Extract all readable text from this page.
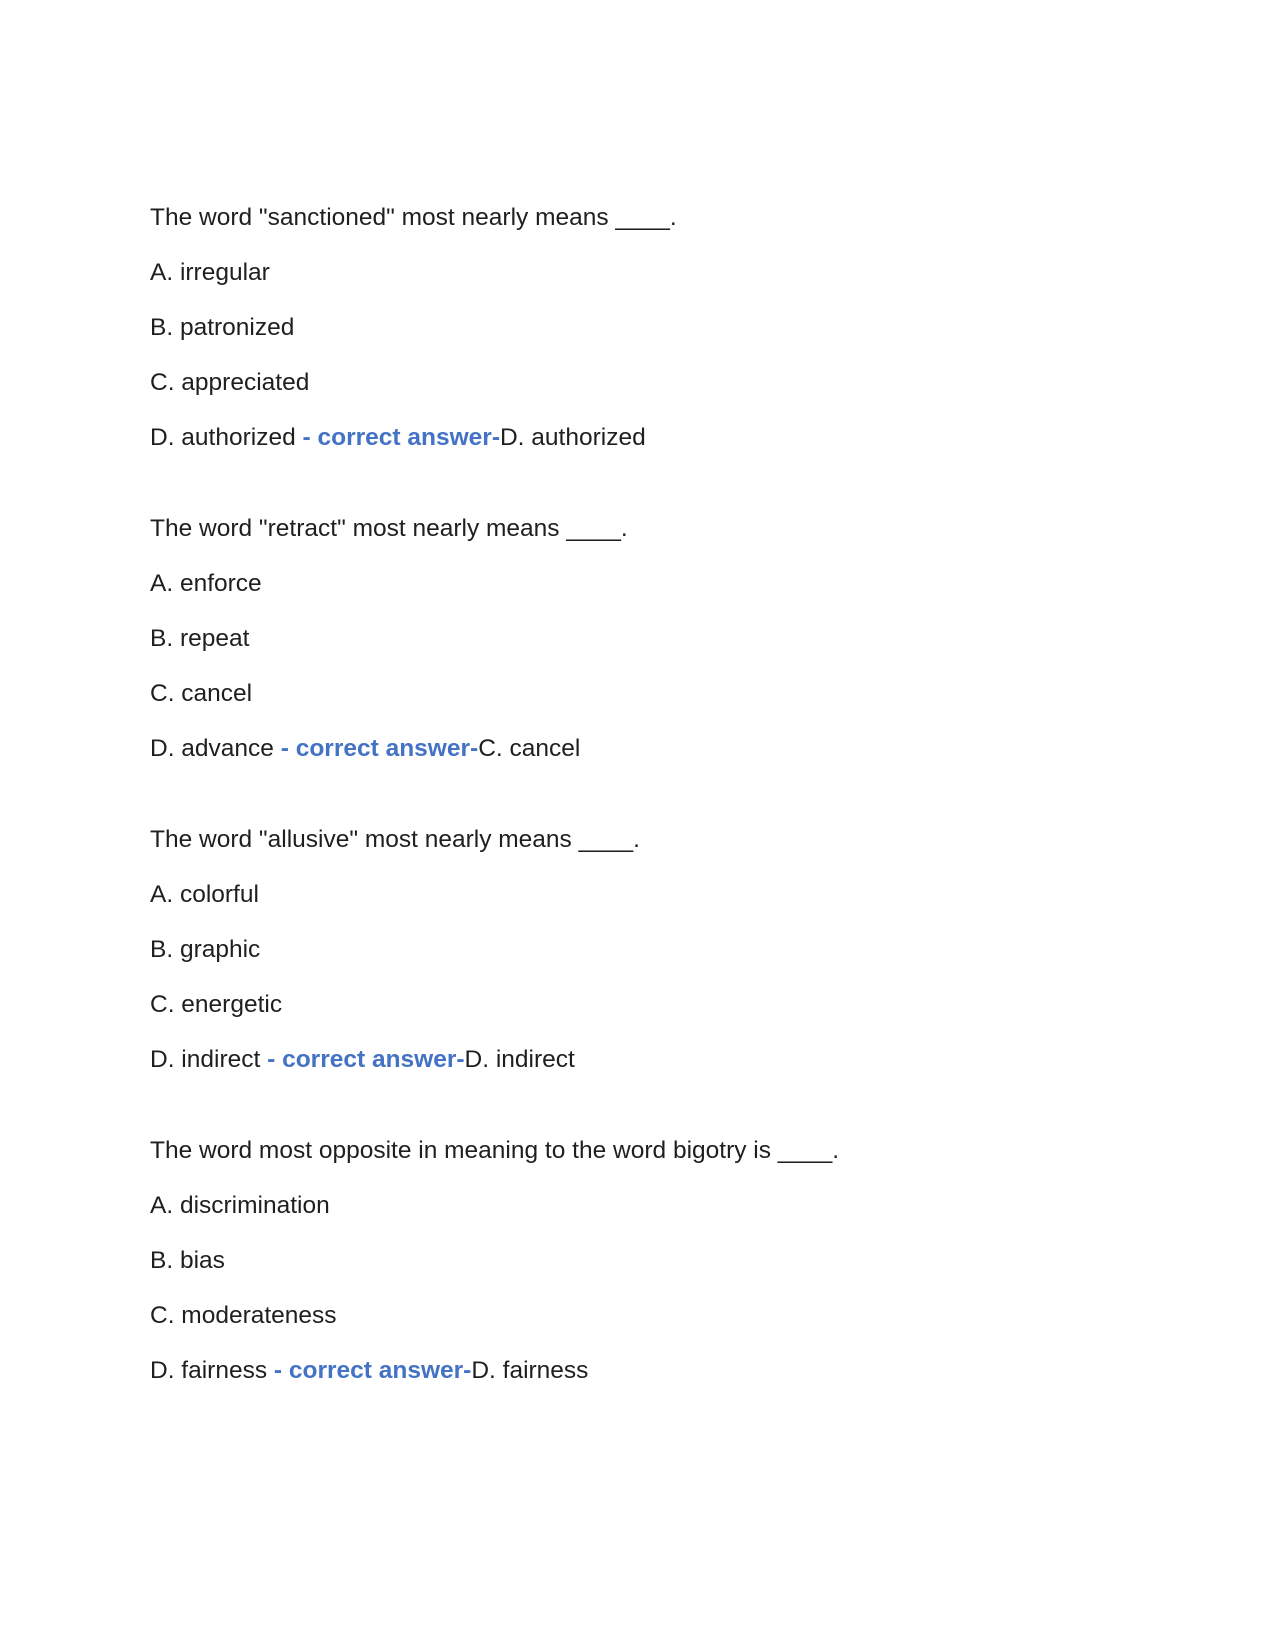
The word "sanctioned" most nearly means ____.
A. irregular
B. patronized
C. appreciated
D. authorized - correct answer-D. authorized
The word "retract" most nearly means ____.
A. enforce
B. repeat
C. cancel
D. advance - correct answer-C. cancel
The word "allusive" most nearly means ____.
A. colorful
B. graphic
C. energetic
D. indirect - correct answer-D. indirect
The word most opposite in meaning to the word bigotry is ____.
A. discrimination
B. bias
C. moderateness
D. fairness - correct answer-D. fairness
